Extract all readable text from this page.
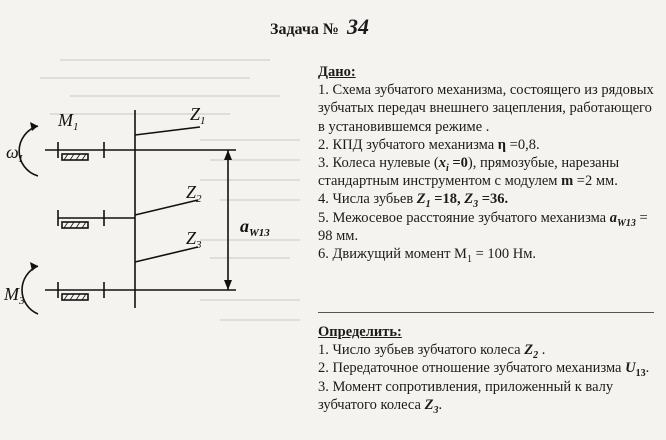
Задача № 34
$M_1$
$\omega_I$
$Z_1$
$Z_2$
$Z_3$
$M_3$
$a_{W13}$

Дано:

1. Схема зубчатого механизма, состоящего из рядовых зубчатых передач внешнего зацепления, работающего в установившемся режиме .

2. КПД зубчатого механизма η =0,8.

3. Колеса нулевые $(x_i =0)$, прямозубые, нарезаны стандартным инструментом с модулем m =2 мм.

4. Числа зубьев $Z_1 =18$, $Z_3 =36$.

5. Межосевое расстояние зубчатого механизма $a_{W13} = 98$ мм.

6. Движущий момент $M_1 = 100$ Нм.

Определить:

1. Число зубьев зубчатого колеса $Z_2$ .

2. Передаточное отношение зубчатого механизма $U_{13}$.

3. Момент сопротивления, приложенный к валу зубчатого колеса $Z_3$.
